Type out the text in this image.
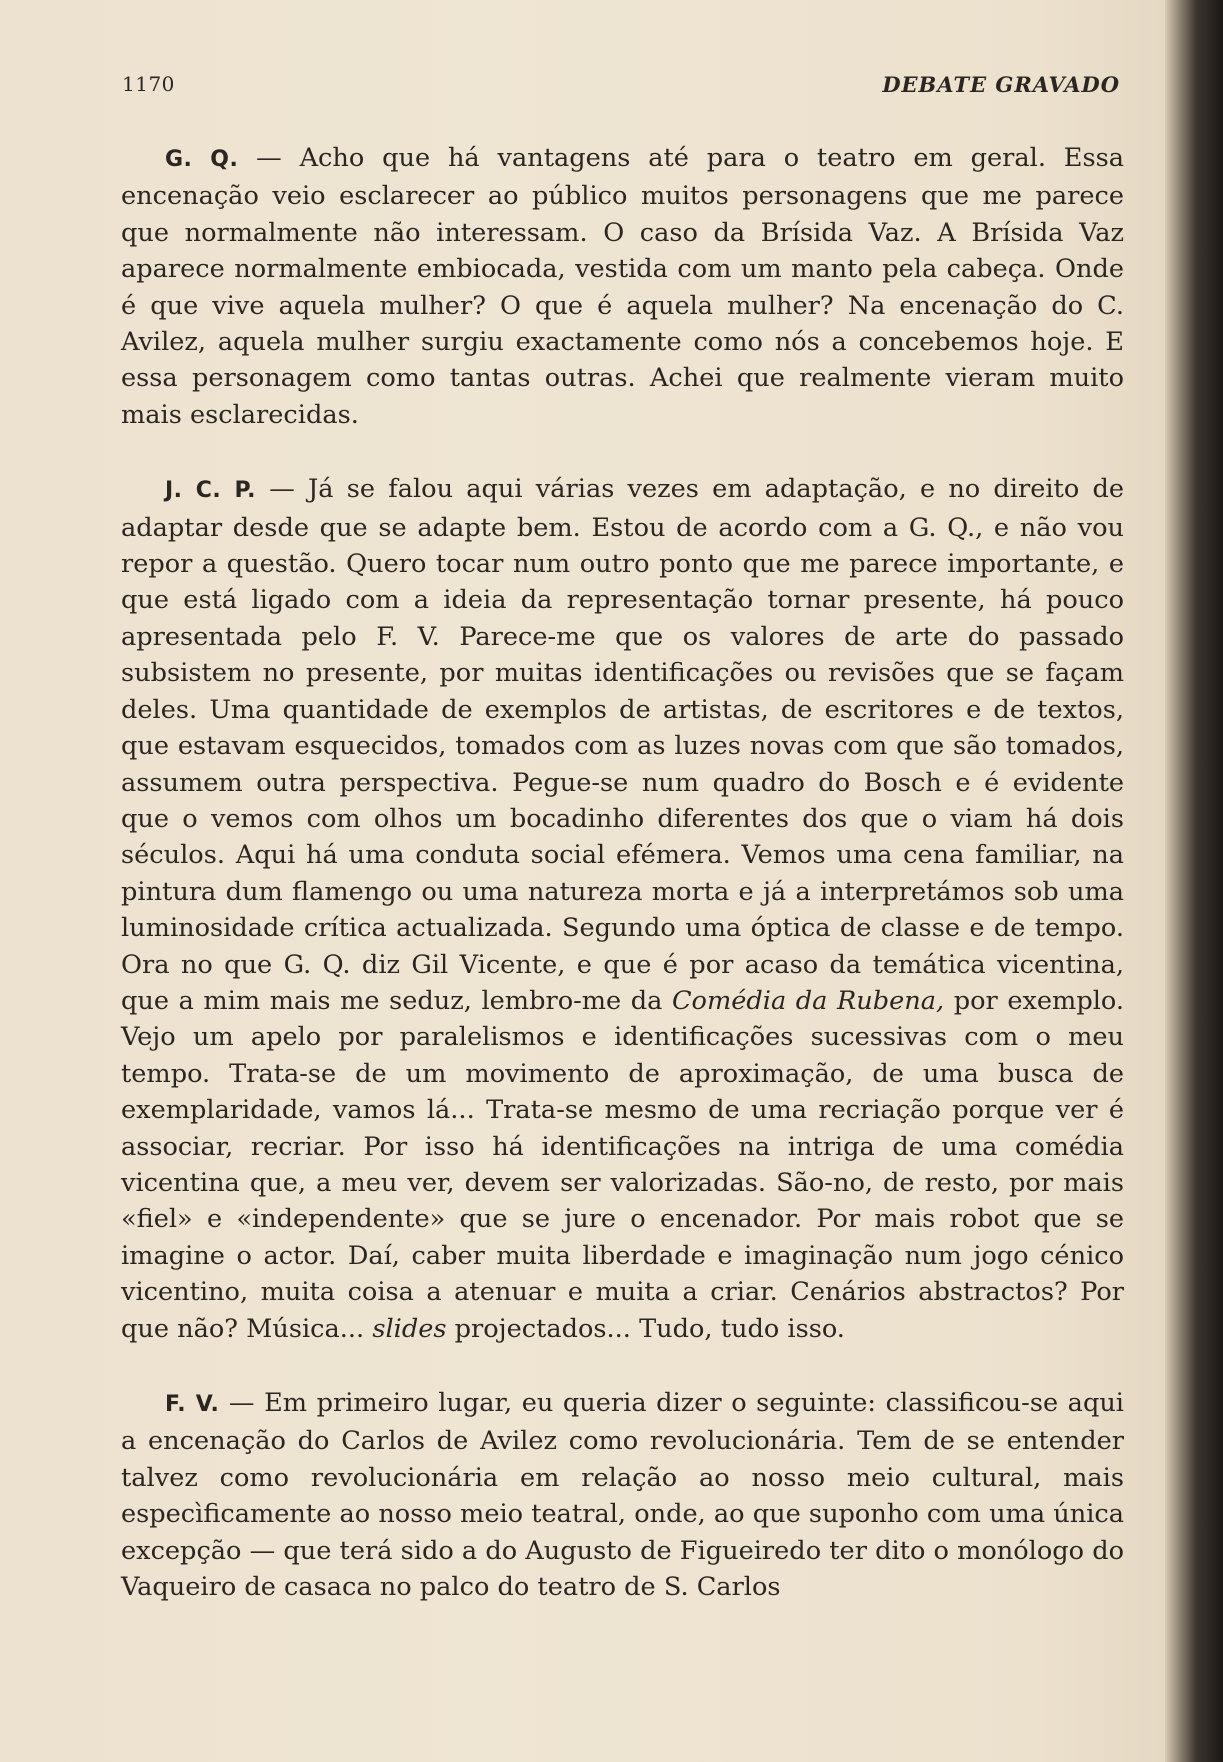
1170	DEBATE GRAVADO

G. Q. — Acho que há vantagens até para o teatro em geral. Essa encenação veio esclarecer ao público muitos personagens que me parece que normalmente não interessam. O caso da Brísida Vaz. A Brísida Vaz aparece normalmente embiocada, vestida com um manto pela cabeça. Onde é que vive aquela mulher? O que é aquela mulher? Na encenação do C. Avilez, aquela mulher surgiu exactamente como nós a concebemos hoje. E essa personagem como tantas outras. Achei que realmente vieram muito mais esclarecidas.

J. C. P. — Já se falou aqui várias vezes em adaptação, e no direito de adaptar desde que se adapte bem. Estou de acordo com a G. Q., e não vou repor a questão. Quero tocar num outro ponto que me parece importante, e que está ligado com a ideia da representação tornar presente, há pouco apresentada pelo F. V. Parece-me que os valores de arte do passado subsistem no presente, por muitas identificações ou revisões que se façam deles. Uma quantidade de exemplos de artistas, de escritores e de textos, que estavam esquecidos, tomados com as luzes novas com que são tomados, assumem outra perspectiva. Pegue-se num quadro do Bosch e é evidente que o vemos com olhos um bocadinho diferentes dos que o viam há dois séculos. Aqui há uma conduta social efémera. Vemos uma cena familiar, na pintura dum flamengo ou uma natureza morta e já a interpretámos sob uma luminosidade crítica actualizada. Segundo uma óptica de classe e de tempo. Ora no que G. Q. diz Gil Vicente, e que é por acaso da temática vicentina, que a mim mais me seduz, lembro-me da Comédia da Rubena, por exemplo. Vejo um apelo por paralelismos e identificações sucessivas com o meu tempo. Trata-se de um movimento de aproximação, de uma busca de exemplaridade, vamos lá... Trata-se mesmo de uma recriação porque ver é associar, recriar. Por isso há identificações na intriga de uma comédia vicentina que, a meu ver, devem ser valorizadas. São-no, de resto, por mais «fiel» e «independente» que se jure o encenador. Por mais robot que se imagine o actor. Daí, caber muita liberdade e imaginação num jogo cénico vicentino, muita coisa a atenuar e muita a criar. Cenários abstractos? Por que não? Música... slides projectados... Tudo, tudo isso.

F. V. — Em primeiro lugar, eu queria dizer o seguinte: classificou-se aqui a encenação do Carlos de Avilez como revolucionária. Tem de se entender talvez como revolucionária em relação ao nosso meio cultural, mais especìficamente ao nosso meio teatral, onde, ao que suponho com uma única excepção — que terá sido a do Augusto de Figueiredo ter dito o monólogo do Vaqueiro de casaca no palco do teatro de S. Carlos
